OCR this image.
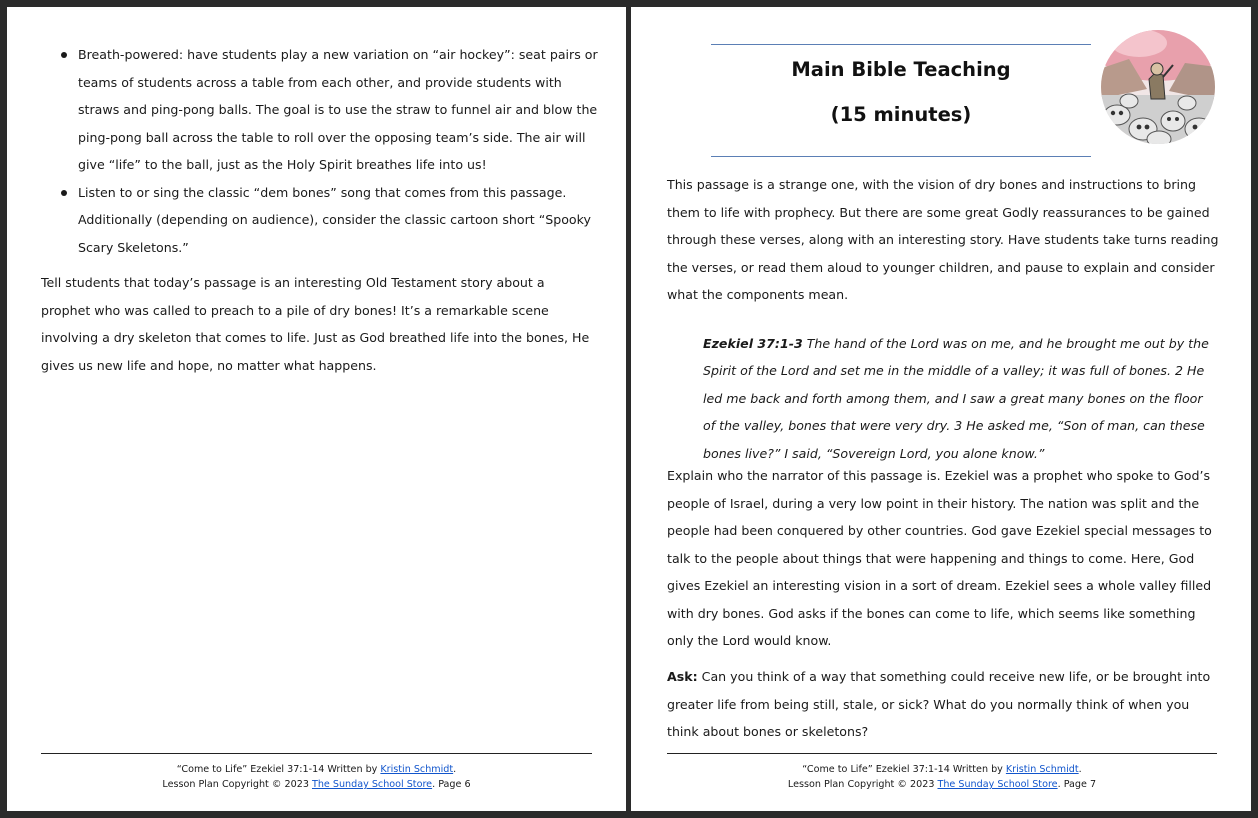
Breath-powered: have students play a new variation on “air hockey”: seat pairs or teams of students across a table from each other, and provide students with straws and ping-pong balls. The goal is to use the straw to funnel air and blow the ping-pong ball across the table to roll over the opposing team’s side. The air will give “life” to the ball, just as the Holy Spirit breathes life into us!
Listen to or sing the classic “dem bones” song that comes from this passage. Additionally (depending on audience), consider the classic cartoon short “Spooky Scary Skeletons.”

Tell students that today’s passage is an interesting Old Testament story about a prophet who was called to preach to a pile of dry bones! It’s a remarkable scene involving a dry skeleton that comes to life. Just as God breathed life into the bones, He gives us new life and hope, no matter what happens.

“Come to Life” Ezekiel 37:1-14 Written by Kristin Schmidt.
Lesson Plan Copyright © 2023 The Sunday School Store. Page 6
Main Bible Teaching
(15 minutes)

This passage is a strange one, with the vision of dry bones and instructions to bring them to life with prophecy. But there are some great Godly reassurances to be gained through these verses, along with an interesting story. Have students take turns reading the verses, or read them aloud to younger children, and pause to explain and consider what the components mean.

Ezekiel 37:1-3 The hand of the Lord was on me, and he brought me out by the Spirit of the Lord and set me in the middle of a valley; it was full of bones. 2 He led me back and forth among them, and I saw a great many bones on the floor of the valley, bones that were very dry. 3 He asked me, “Son of man, can these bones live?” I said, “Sovereign Lord, you alone know.”

Explain who the narrator of this passage is. Ezekiel was a prophet who spoke to God’s people of Israel, during a very low point in their history. The nation was split and the people had been conquered by other countries. God gave Ezekiel special messages to talk to the people about things that were happening and things to come. Here, God gives Ezekiel an interesting vision in a sort of dream. Ezekiel sees a whole valley filled with dry bones. God asks if the bones can come to life, which seems like something only the Lord would know.

Ask: Can you think of a way that something could receive new life, or be brought into greater life from being still, stale, or sick? What do you normally think of when you think about bones or skeletons?

“Come to Life” Ezekiel 37:1-14 Written by Kristin Schmidt.
Lesson Plan Copyright © 2023 The Sunday School Store. Page 7
